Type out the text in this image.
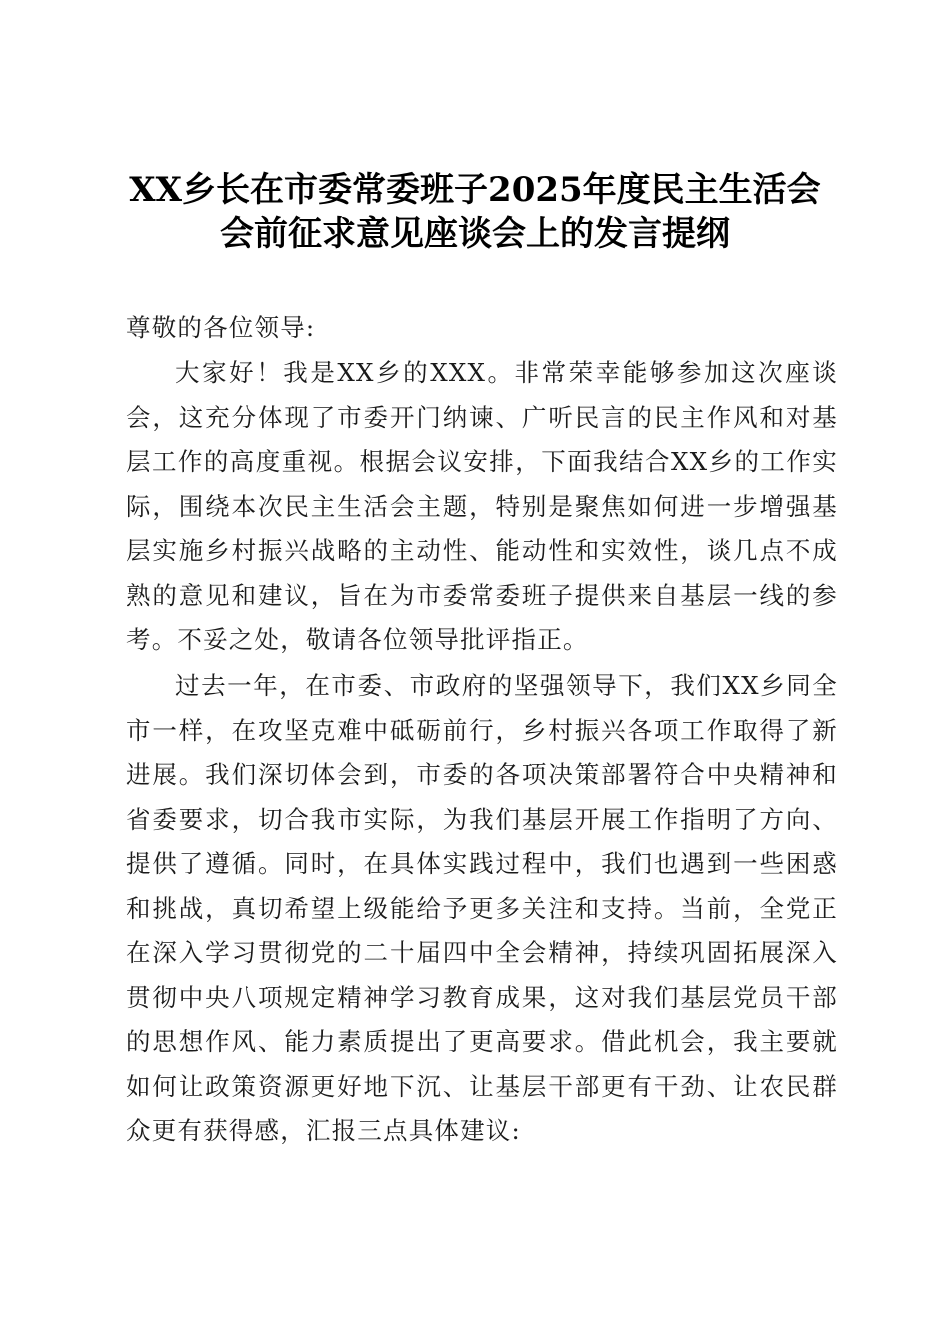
XX乡长在市委常委班子2025年度民主生活会
会前征求意见座谈会上的发言提纲
尊敬的各位领导:
大家好！我是XX乡的XXX。非常荣幸能够参加这次座谈会，这充分体现了市委开门纳谏、广听民言的民主作风和对基层工作的高度重视。根据会议安排，下面我结合XX乡的工作实际，围绕本次民主生活会主题，特别是聚焦如何进一步增强基层实施乡村振兴战略的主动性、能动性和实效性，谈几点不成熟的意见和建议，旨在为市委常委班子提供来自基层一线的参考。不妥之处，敬请各位领导批评指正。
过去一年，在市委、市政府的坚强领导下，我们XX乡同全市一样，在攻坚克难中砥砺前行，乡村振兴各项工作取得了新进展。我们深切体会到，市委的各项决策部署符合中央精神和省委要求，切合我市实际，为我们基层开展工作指明了方向、提供了遵循。同时，在具体实践过程中，我们也遇到一些困惑和挑战，真切希望上级能给予更多关注和支持。当前，全党正在深入学习贯彻党的二十届四中全会精神，持续巩固拓展深入贯彻中央八项规定精神学习教育成果，这对我们基层党员干部的思想作风、能力素质提出了更高要求。借此机会，我主要就如何让政策资源更好地下沉、让基层干部更有干劲、让农民群众更有获得感，汇报三点具体建议:
